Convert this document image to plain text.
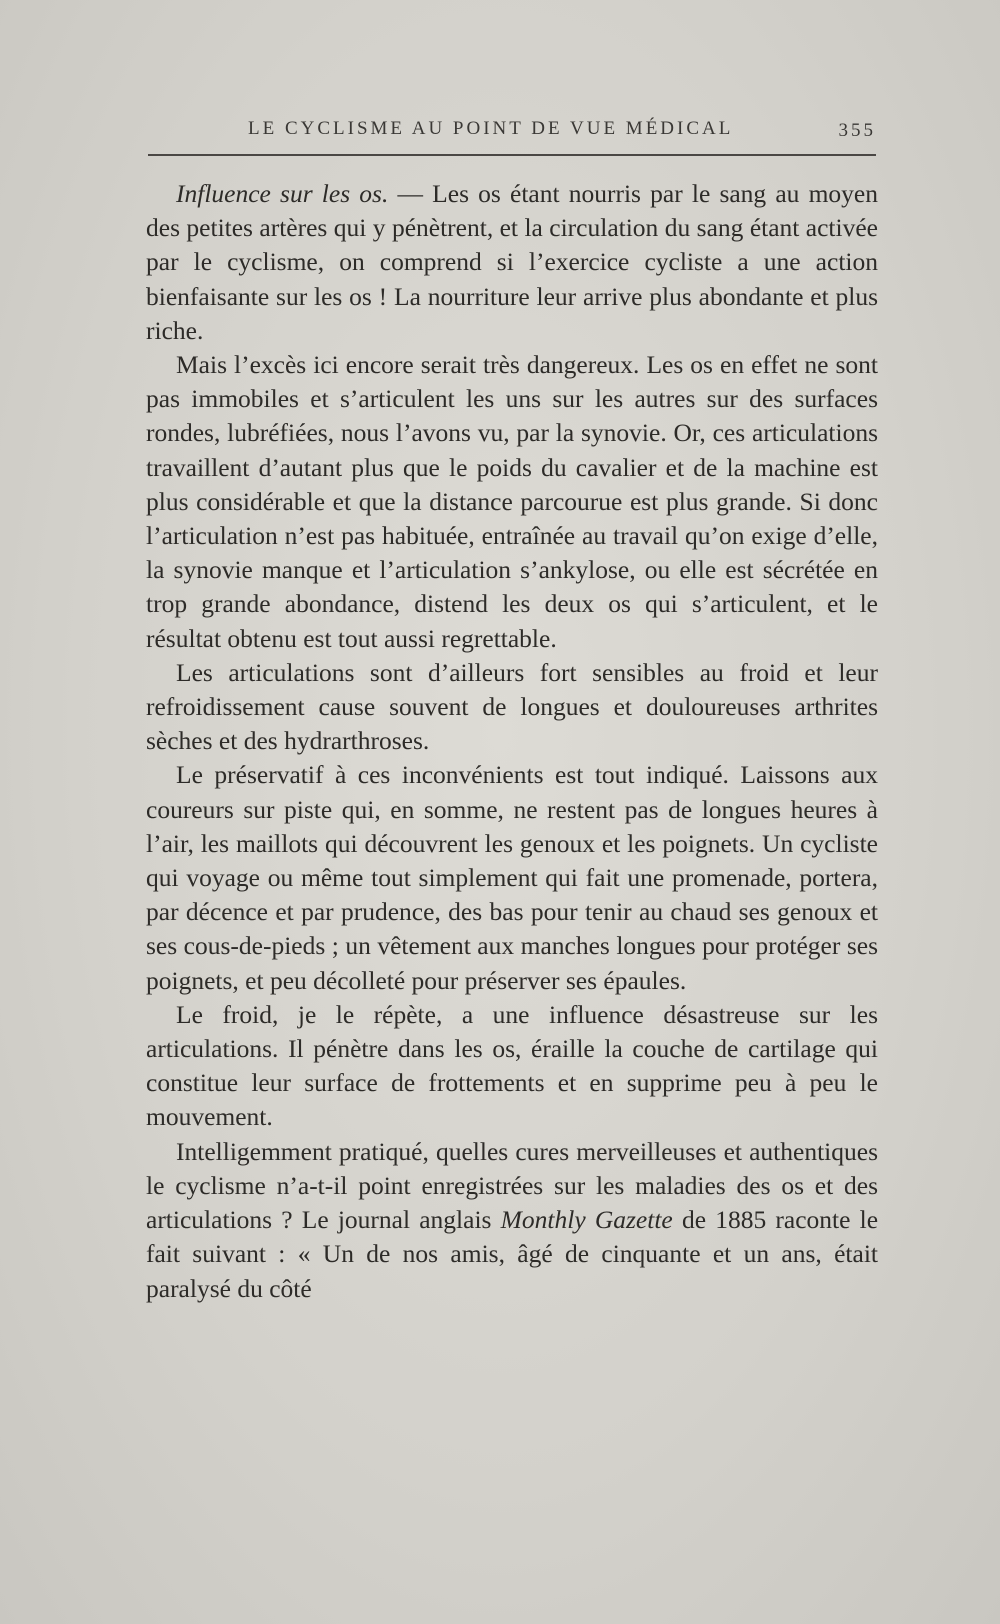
LE CYCLISME AU POINT DE VUE MÉDICAL	355

Influence sur les os. — Les os étant nourris par le sang au moyen des petites artères qui y pénètrent, et la circulation du sang étant activée par le cyclisme, on comprend si l’exercice cycliste a une action bienfaisante sur les os ! La nourriture leur arrive plus abondante et plus riche.

Mais l’excès ici encore serait très dangereux. Les os en effet ne sont pas immobiles et s’articulent les uns sur les autres sur des surfaces rondes, lubréfiées, nous l’avons vu, par la synovie. Or, ces articulations travaillent d’autant plus que le poids du cavalier et de la machine est plus considérable et que la distance parcourue est plus grande. Si donc l’articulation n’est pas habituée, entraînée au travail qu’on exige d’elle, la synovie manque et l’articulation s’ankylose, ou elle est sécrétée en trop grande abondance, distend les deux os qui s’articulent, et le résultat obtenu est tout aussi regrettable.

Les articulations sont d’ailleurs fort sensibles au froid et leur refroidissement cause souvent de longues et douloureuses arthrites sèches et des hydrarthroses.

Le préservatif à ces inconvénients est tout indiqué. Laissons aux coureurs sur piste qui, en somme, ne restent pas de longues heures à l’air, les maillots qui découvrent les genoux et les poignets. Un cycliste qui voyage ou même tout simplement qui fait une promenade, portera, par décence et par prudence, des bas pour tenir au chaud ses genoux et ses cous-de-pieds ; un vêtement aux manches longues pour protéger ses poignets, et peu décolleté pour préserver ses épaules.

Le froid, je le répète, a une influence désastreuse sur les articulations. Il pénètre dans les os, éraille la couche de cartilage qui constitue leur surface de frottements et en supprime peu à peu le mouvement.

Intelligemment pratiqué, quelles cures merveilleuses et authentiques le cyclisme n’a-t-il point enregistrées sur les maladies des os et des articulations ? Le journal anglais Monthly Gazette de 1885 raconte le fait suivant : « Un de nos amis, âgé de cinquante et un ans, était paralysé du côté
